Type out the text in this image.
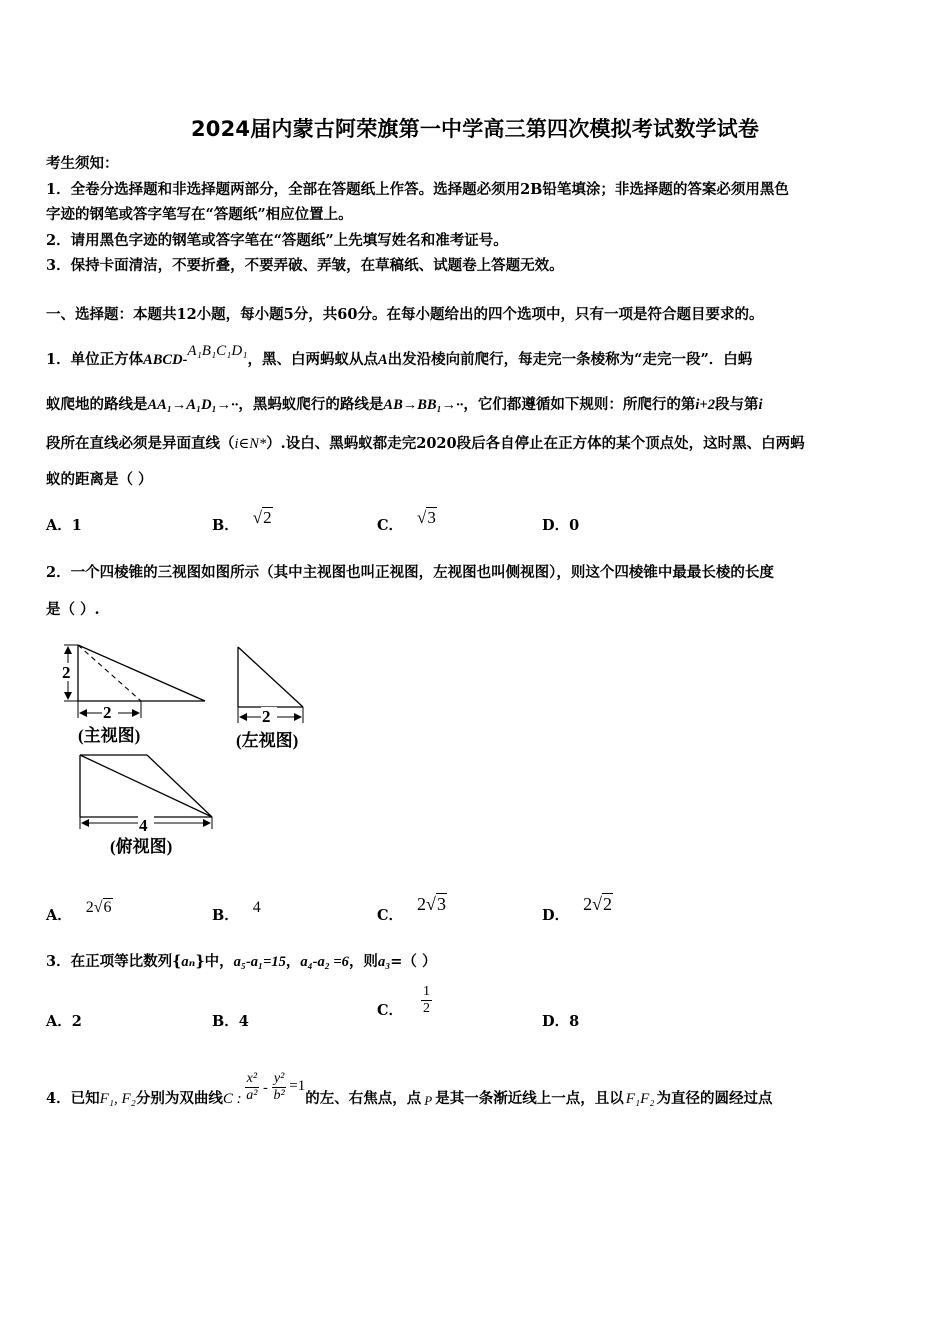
2024届内蒙古阿荣旗第一中学高三第四次模拟考试数学试卷
考生须知：
1．全卷分选择题和非选择题两部分，全部在答题纸上作答。选择题必须用2B铅笔填涂；非选择题的答案必须用黑色
字迹的钢笔或答字笔写在“答题纸”相应位置上。
2．请用黑色字迹的钢笔或答字笔在“答题纸”上先填写姓名和准考证号。
3．保持卡面清洁，不要折叠，不要弄破、弄皱，在草稿纸、试题卷上答题无效。
一、选择题：本题共12小题，每小题5分，共60分。在每小题给出的四个选项中，只有一项是符合题目要求的。
1．单位正方体ABCD-A₁B₁C₁D₁，黑、白两蚂蚁从点A出发沿棱向前爬行，每走完一条棱称为“走完一段”．白蚂
蚁爬地的路线是AA₁→A₁D₁→··，黑蚂蚁爬行的路线是AB→BB₁→··，它们都遵循如下规则：所爬行的第i+2段与第i
段所在直线必须是异面直线（i∈N*）.设白、黑蚂蚁都走完2020段后各自停止在正方体的某个顶点处，这时黑、白两蚂
蚁的距离是（ ）
A．1	B． √2	C． √3	D．0
2．一个四棱锥的三视图如图所示（其中主视图也叫正视图，左视图也叫侧视图），则这个四棱锥中最最长棱的长度
是（ ）.
2
2
(主视图)
2
(左视图)
4
(俯视图)
A． 2√6	B． 4	C．2√3
D．2√2
3．在正项等比数列{aₙ}中，a₅-a₁=15，a₄-a₂ =6，则a₃=（ ）
A．2	B．4
C． $\frac{1}{2}$
D．8
4．已知F₁, F₂分别为双曲线C : $\frac{\text{x²}}{\text{a²}} - \frac{\text{y²}}{\text{b²}} =1$的左、右焦点，点 P 是其一条渐近线上一点，且以 F₁F₂ 为直径的圆经过点
